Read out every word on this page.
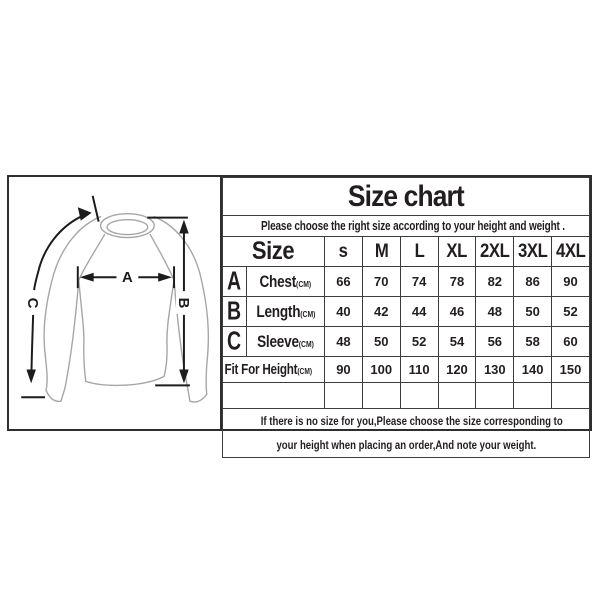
A
B
C
Size chart								
Please choose the right size according to your height and weight .								
Size		s	M	L	XL	2XL	3XL	4XL
A	Chest(CM)	66	70	74	78	82	86	90
B	Length(CM)	40	42	44	46	48	50	52
C	Sleeve(CM)	48	50	52	54	56	58	60
Fit For Height(CM)		90	100	110	120	130	140	150

If there is no size for you,Please choose the size corresponding to
your height when placing an order,And note your weight.								
